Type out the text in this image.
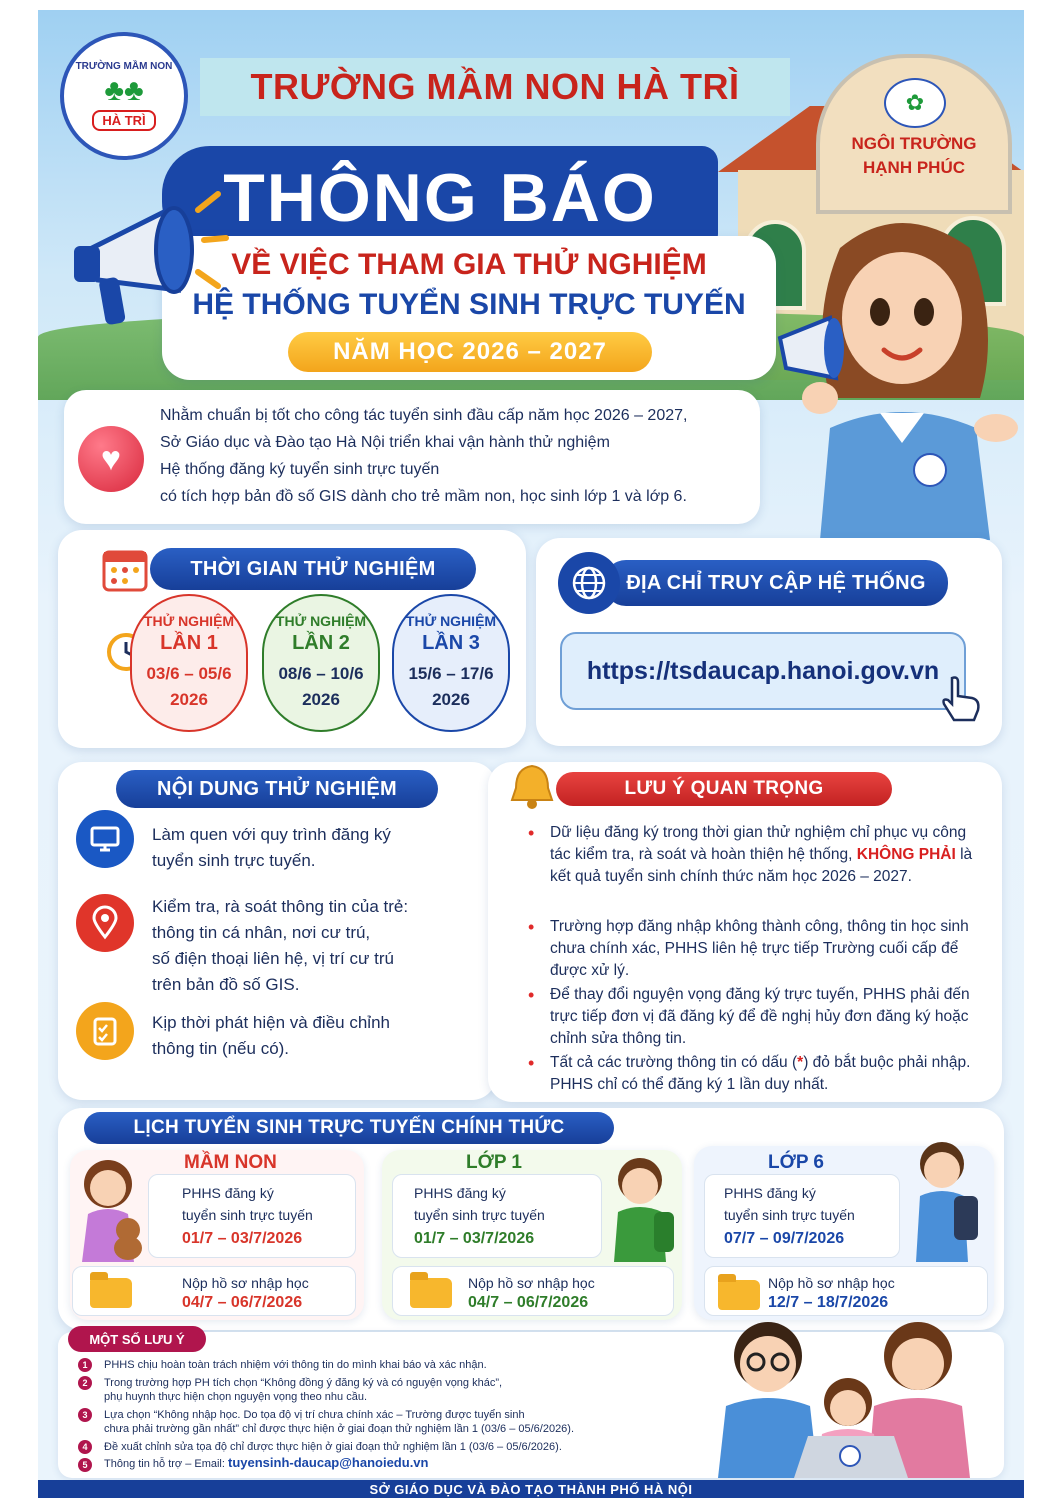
✿
NGÔI TRƯỜNG
HẠNH PHÚC
TRƯỜNG MẦM NON
♣♣
HÀ TRÌ
TRƯỜNG MẦM NON HÀ TRÌ
THÔNG BÁO
VỀ VIỆC THAM GIA THỬ NGHIỆM
HỆ THỐNG TUYỂN SINH TRỰC TUYẾN
NĂM HỌC 2026 – 2027
♥

Nhằm chuẩn bị tốt cho công tác tuyển sinh đầu cấp năm học 2026 – 2027,

Sở Giáo dục và Đào tạo Hà Nội triển khai vận hành thử nghiệm

Hệ thống đăng ký tuyển sinh trực tuyến

có tích hợp bản đồ số GIS dành cho trẻ mầm non, học sinh lớp 1 và lớp 6.

THỜI GIAN THỬ NGHIỆM
THỬ NGHIỆM
LẦN 1
03/6 – 05/6
2026
THỬ NGHIỆM
LẦN 2
08/6 – 10/6
2026
THỬ NGHIỆM
LẦN 3
15/6 – 17/6
2026
ĐỊA CHỈ TRUY CẬP HỆ THỐNG
https://tsdaucap.hanoi.gov.vn
NỘI DUNG THỬ NGHIỆM
Làm quen với quy trình đăng ký
tuyển sinh trực tuyến.
Kiểm tra, rà soát thông tin của trẻ:
thông tin cá nhân, nơi cư trú,
số điện thoại liên hệ, vị trí cư trú
trên bản đồ số GIS.
Kịp thời phát hiện và điều chỉnh
thông tin (nếu có).
LƯU Ý QUAN TRỌNG
• Dữ liệu đăng ký trong thời gian thử nghiệm chỉ phục vụ công tác kiểm tra, rà soát và hoàn thiện hệ thống, KHÔNG PHẢI là kết quả tuyển sinh chính thức năm học 2026 – 2027.
• Trường hợp đăng nhập không thành công, thông tin học sinh chưa chính xác, PHHS liên hệ trực tiếp Trường cuối cấp để được xử lý.
• Để thay đổi nguyện vọng đăng ký trực tuyến, PHHS phải đến trực tiếp đơn vị đã đăng ký để đề nghị hủy đơn đăng ký hoặc chỉnh sửa thông tin.
• Tất cả các trường thông tin có dấu (*) đỏ bắt buộc phải nhập. PHHS chỉ có thể đăng ký 1 lần duy nhất.
LỊCH TUYỂN SINH TRỰC TUYẾN CHÍNH THỨC
MẦM NON
PHHS đăng ký
tuyển sinh trực tuyến
01/7 – 03/7/2026
Nộp hồ sơ nhập học
04/7 – 06/7/2026
LỚP 1
PHHS đăng ký
tuyển sinh trực tuyến
01/7 – 03/7/2026
Nộp hồ sơ nhập học
04/7 – 06/7/2026
LỚP 6
PHHS đăng ký
tuyển sinh trực tuyến
07/7 – 09/7/2026
Nộp hồ sơ nhập học
12/7 – 18/7/2026
MỘT SỐ LƯU Ý
1	PHHS chịu hoàn toàn trách nhiệm với thông tin do mình khai báo và xác nhận.
2	Trong trường hợp PH tích chọn “Không đồng ý đăng ký và có nguyện vọng khác”,
phụ huynh thực hiện chọn nguyện vọng theo nhu cầu.
3	Lựa chọn “Không nhập học. Do tọa độ vị trí chưa chính xác – Trường được tuyển sinh
chưa phải trường gần nhất” chỉ được thực hiện ở giai đoạn thử nghiệm lần 1 (03/6 – 05/6/2026).
4	Đề xuất chỉnh sửa tọa độ chỉ được thực hiện ở giai đoạn thử nghiệm lần 1 (03/6 – 05/6/2026).
5	Thông tin hỗ trợ – Email: tuyensinh-daucap@hanoiedu.vn
SỞ GIÁO DỤC VÀ ĐÀO TẠO THÀNH PHỐ HÀ NỘI
